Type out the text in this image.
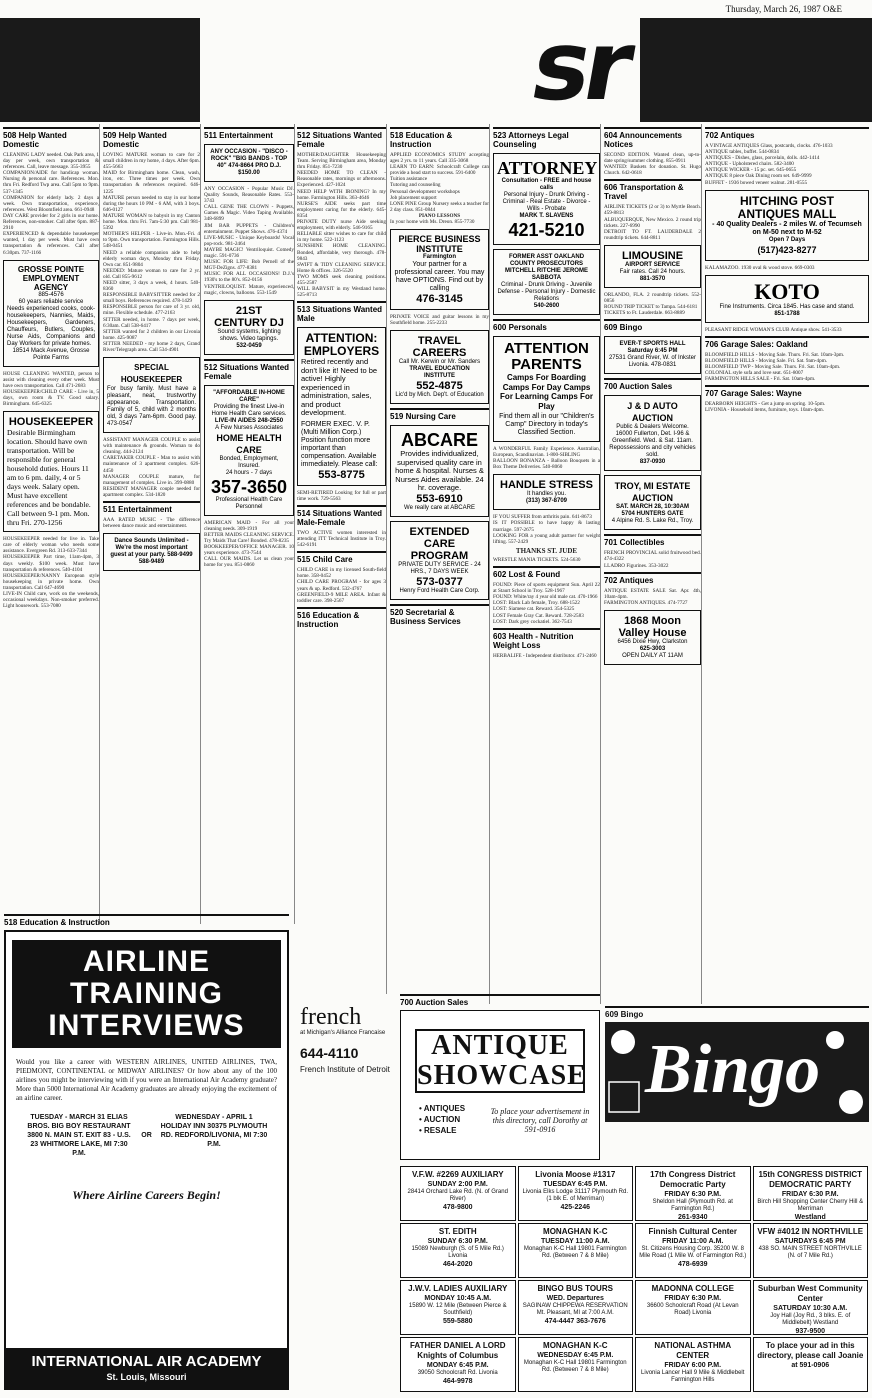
Thursday, March 26, 1987 O&E
sr
508 Help Wanted Domestic

CLEANING LADY needed. Oak Park area, 1 day per week, own transportation & references. Call, leave message. 355-3955

COMPANION/AIDE for handicap woman. Nursing & personal care. References. Mon. thru Fri. Redford Twp area. Call 5pm to 9pm. 537-1345

COMPANION for elderly lady. 2 days a week. Own transportation, experience, references. West Bloomfield area. 661-0948

DAY CARE provider for 2 girls in our home. References, non-smoker. Call after 6pm. 887-2910

EXPERIENCED & dependable housekeeper wanted, 1 day per week. Must have own transportation & references. Call after 6:30pm. 737-1166

GROSSE POINTE EMPLOYMENT AGENCY
885-4576
60 years reliable service
Needs experienced cooks, cook-housekeepers, Nannies, Maids, Housekeepers, Gardeners, Chauffeurs, Butlers, Couples, Nurse Aids, Companions and Day Workers for private homes.
18514 Mack Avenue, Grosse Pointe Farms

HOUSE CLEANING WANTED, person to assist with cleaning every other week. Must have own transportation. Call 471-2683

HOUSEKEEPER/CHILD CARE - Live in, 5 days, own room & TV. Good salary. Birmingham. 645-6325

HOUSEKEEPER
Desirable Birmingham location. Should have own transportation. Will be responsible for general household duties. Hours 11 am to 6 pm. daily, 4 or 5 days week. Salary open. Must have excellent references and be bondable. Call between 9-1 pm. Mon. thru Fri. 270-1256

HOUSEKEEPER needed for live in. Take care of elderly woman who needs some assistance. Evergreen Rd. 313-633-7344

HOUSEKEEPER Part time, 11am-4pm, 3 days weekly. $100 week. Must have transportation & references. 540-4104

HOUSEKEEPER/NANNY European style housekeeping in private home. Own transportation. Call 647-4690

LIVE-IN Child care, work on the weekends, occasional weekdays. Non-smoker preferred. Light housework. 553-7080

509 Help Wanted Domestic

LOVING MATURE woman to care for 2 small children in my home, 4 days. After 6pm. 455-5663

MAID for Birmingham home. Clean, wash, iron, etc. Three times per week. Own transportation & references required. 646-1225

MATURE person needed to stay in our home during the hours 10 PM - 6 AM, with 3 boys. 646-0127

MATURE WOMAN to babysit in my Canton home. Mon. thru Fri. 7am-5:30 pm. Call 981-5392

MOTHER'S HELPER - Live-in. Mon.-Fri. 4 to 9pm. Own transportation. Farmington Hills. 548-0451

NEED a reliable companion aide to help elderly woman days, Monday thru Friday. Own car. 851-9804

NEEDED: Mature woman to care for 2 yr. old. Call 855-9612

NEED sitter, 3 days a week, 4 hours. 540-8360

RESPONSIBLE BABYSITTER needed for 2 small boys. References required. 478-1429

RESPONSIBLE person for care of 3 yr. old, mine. Flexible schedule. 477-2163

SITTER needed, in home. 7 days per week, 6:30am. Call 538-6417

SITTER wanted for 2 children in our Livonia home. 425-9087

SITTER NEEDED - my home 2 days, Grand River/Telegraph area. Call 534-4901

SPECIAL HOUSEKEEPER
For busy family. Must have a pleasant, neat, trustworthy appearance. Transportation. Family of 5, child with 2 months old, 3 days 7am-6pm. Good pay. 473-0547

ASSISTANT MANAGER COUPLE to assist with maintenance & grounds. Woman to do cleaning. 444-2124

CARETAKER COUPLE - Man to assist with maintenance of 3 apartment complex. 626-4450

MANAGER COUPLE mature, for management of complex. Live in. 399-0880

RESIDENT MANAGER couple needed for apartment complex. 534-1820

511 Entertainment

AAA RATED MUSIC - The difference between dance music and entertainment.

Dance Sounds Unlimited - We're the most important guest at your party. 588-9499 588-9489
511 Entertainment
ANY OCCASION - "DISCO - ROCK" "BIG BANDS - TOP 40" 474-8664 PRO D.J. $150.00

ANY OCCASION - Popular Music DJ. Quality Sounds, Reasonable Rates. 553-3743

CALL GENE THE CLOWN - Puppets, Games & Magic. Video Taping Available. 348-6899

JIM BAR PUPPETS - Children's entertainment. Puppet Shows. 476-4374

LIVE-MUSIC - Unique Keyboards! Vocal pop-rock. 981-2464

MAYBE MAGIC! Ventriloquist. Comedy magic. 591-0736

MUSIC FOR LIFE: Bob Pernell of the MGT-DeZigns. 477-8381

MUSIC FOR ALL OCCASIONS! D.J.'s 1930's to the 80's. 852-0156

VENTRILOQUIST. Mature, experienced, magic, clowns, balloons. 553-1549

21ST CENTURY DJ
Sound systems, lighting shows. Video tapings.
532-0459
512 Situations Wanted Female
"AFFORDABLE IN-HOME CARE"
Providing the finest Live-in Home Health Care services.
LIVE-IN AIDES 248-2550
A Few Nurses Associates
HOME HEALTH CARE
Bonded, Employment, Insured.
24 hours - 7 days
357-3650
Professional Health Care Personnel

AMERICAN MAID - For all your cleaning needs. 309-1919

BETTER MAIDS CLEANING SERVICE. Try Maids That Care! Bonded. 478-8235

BOOKKEEPER/OFFICE MANAGER. 10 years experience. 473-7544

CALL OUR MAIDS. Let us clean your home for you. 851-0860

512 Situations Wanted Female

MOTHER/DAUGHTER Housekeeping Team. Serving Birmingham area, Monday thru Friday. 851-7230

NEEDED HOME TO CLEAN - Reasonable rates, mornings or afternoons. Experienced. 427-1024

NEED HELP WITH IRONING? In my home. Farmington Hills. 363-4646

NURSE'S AIDE seeks part time employment caring for the elderly. 645-8354

PRIVATE DUTY nurse Aide seeking employment, with elderly. 546-9165

RELIABLE sitter wishes to care for child in my home. 522-1123

SUNSHINE HOME CLEANING. Bonded, affordable, very thorough. 478-9843

SWIFT & TIDY CLEANING SERVICE. Home & offices. 326-5520

TWO MOMS seek cleaning positions. 455-2587

WILL BABYSIT in my Westland home. 525-8713

513 Situations Wanted Male
ATTENTION: EMPLOYERS
Retired recently and don't like it! Need to be active! Highly experienced in administration, sales, and product development.
FORMER EXEC. V. P. (Multi Million Corp.) Position function more important than compensation. Available immediately. Please call:
553-8775

SEMI-RETIRED Looking for full or part time work. 729-5563

514 Situations Wanted Male-Female

TWO ACTIVE women interested in attending ITT Technical Institute in Troy. 542-6191

515 Child Care

CHILD CARE in my licensed South-field home. 358-0452

CHILD CARE PROGRAM - for ages 3 years & up. Redford. 532-4767

GREENFIELD-9 MILE AREA. Infant & toddler care. 398-2567

516 Education & Instruction
518 Education & Instruction

APPLIED ECONOMICS STUDY accepting ages 2 yrs. to 11 years. Call 335-3068

LEARN TO EARN: Schoolcraft College can provide a head start to success. 591-6400

Tuition assistance

Tutoring and counseling

Personal development workshops

Job placement support

LONE PINE Group Nursery seeks a teacher for 2 day class. 851-0844

PIANO LESSONS

In your home with Ms. Dreon. 855-7730

PIERCE BUSINESS INSTITUTE
Farmington
Your partner for a professional career. You may have OPTIONS. Find out by calling
476-3145

PRIVATE VOICE and guitar lessons in my Southfield home. 255-2233

TRAVEL CAREERS
Call Mr. Kerwin or Mr. Sanders
TRAVEL EDUCATION INSTITUTE
552-4875
Lic'd by Mich. Dep't. of Education
519 Nursing Care
ABCARE
Provides individualized, supervised quality care in home & hospital. Nurses & Nurses Aides available. 24 hr. coverage.
553-6910
We really care at ABCARE
EXTENDED CARE PROGRAM
PRIVATE DUTY SERVICE - 24 HRS., 7 DAYS WEEK
573-0377
Henry Ford Health Care Corp.
520 Secretarial & Business Services
523 Attorneys Legal Counseling
ATTORNEY
Consultation - FREE and house calls
Personal Injury - Drunk Driving - Criminal - Real Estate - Divorce - Wills - Probate
MARK T. SLAVENS
421-5210
FORMER ASST OAKLAND COUNTY PROSECUTORS
MITCHELL RITCHIE JEROME SABBOTA
Criminal - Drunk Driving - Juvenile Defense - Personal Injury - Domestic Relations
540-2600
600 Personals
ATTENTION PARENTS
Camps For Boarding Camps For Day Camps For Learning Camps For Play
Find them all in our "Children's Camp" Directory in today's Classified Section.

A WONDERFUL Family Experience. Australian, European, Scandinavian. 1-800-SIBLING

BALLOON BONANZA - Balloon Bouquets in a Box Theme Deliveries. 540-8060

HANDLE STRESS
It handles you.
(313) 367-8709

IF YOU SUFFER from arthritis pain. 641-8673

IS IT POSSIBLE to have happy & lasting marriage. 597-2675

LOOKING FOR a young adult partner for weight lifting. 557-2429

THANKS ST. JUDE

WRESTLE MANIA TICKETS. 524-5630

602 Lost & Found

FOUND: Piece of sports equipment Sun. April 22 at Staurt School in Troy. 528-1967

FOUND: White/ray 4 year old male cat. 470-1966

LOST: Black Lab female, Troy. 688-1522

LOST: Siamese cat. Reward. 354-5325

LOST Female Gray Cat. Reward. 728-2583

LOST: Dark grey cockatiel. 362-7543

603 Health - Nutrition Weight Loss

HERBALIFE - Independent distributor. 471-2460

604 Announcements Notices

SECOND EDITION. Wanted clean, up-to-date spring/summer clothing. 855-0911

WANTED: Baskets for donation. St. Hugo Church. 642-0618

606 Transportation & Travel

AIRLINE TICKETS (2 or 3) to Myrtle Beach. 459-8813

ALBUQUERQUE, New Mexico. 2 round trip tickets. 227-6990

DETROIT TO FT. LAUDERDALE 2 roundtrip tickets. 644-8811

LIMOUSINE
AIRPORT SERVICE
Fair rates. Call 24 hours.
881-3570

ORLANDO, FLA. 2 roundtrip tickets. 552-0856

ROUND TRIP TICKET to Tampa. 544-6181

TICKETS to Ft. Lauderdale. 663-8889

609 Bingo
EVER-T SPORTS HALL Saturday 6:45 PM
27531 Grand River, W. of Inkster Livonia. 478-0831
700 Auction Sales
J & D AUTO AUCTION
Public & Dealers Welcome. 16000 Fullerton, Det. I-96 & Greenfield. Wed. & Sat. 11am. Repossessions and city vehicles sold.
837-0930
TROY, MI ESTATE AUCTION
SAT. MARCH 28, 10:30AM
5704 HUNTERS GATE
4 Alpine Rd. S. Lake Rd., Troy.
701 Collectibles

FRENCH PROVINCIAL solid fruitwood bed. 474-4322

LLADRO Figurines. 353-3022

702 Antiques

ANTIQUE ESTATE SALE Sat. Apr. 4th, 10am-4pm.

FARMINGTON ANTIQUES. 474-7727

1868 Moon Valley House
6456 Dixie Hwy, Clarkston
625-3003
OPEN DAILY AT 11AM
702 Antiques

A VINTAGE ANTIQUES Glass, postcards, clocks. 476-1033

ANTIQUE tables, buffet. 544-0834

ANTIQUES - Dishes, glass, porcelain, dolls. 442-1414

ANTIQUE - Upholstered chairs. 582-3400

ANTIQUE WICKER - 15 pc. set. 645-0655

ANTIQUE 8 piece Oak Dining room set. 649-9999

BUFFET - 1936 bowed veneer walnut. 281-0555

HITCHING POST ANTIQUES MALL
- 40 Quality Dealers - 2 miles W. of Tecumseh on M-50 next to M-52
Open 7 Days
(517)423-8277

KALAMAZOO. 1930 oval & wood stove. 669-0303

KOTO
Fine Instruments. Circa 1845. Has case and stand.
851-1788

PLEASANT RIDGE WOMAN'S CLUB Antique show. 541-3533

706 Garage Sales: Oakland

BLOOMFIELD HILLS - Moving Sale. Thurs. Fri. Sat. 10am-3pm.

BLOOMFIELD HILLS - Moving Sale. Fri. Sat. 9am-4pm.

BLOOMFIELD TWP - Moving Sale. Thurs. Fri. Sat. 10am-4pm.

COLONIAL style sofa and love seat. 651-8007

FARMINGTON HILLS SALE - Fri. Sat. 10am-4pm.

707 Garage Sales: Wayne

DEARBORN HEIGHTS - Get a jump on spring. 10-5pm.

LIVONIA - Household items, furniture, toys. 10am-4pm.

518 Education & Instruction
AIRLINE
TRAINING
INTERVIEWS
Would you like a career with WESTERN AIRLINES, UNITED AIRLINES, TWA, PIEDMONT, CONTINENTAL or MIDWAY AIRLINES? Or how about any of the 100 airlines you might be interviewing with if you were an International Air Academy graduate? More than 5000 International Air Academy graduates are already enjoying the excitement of an airline career.
TUESDAY - MARCH 31 ELIAS BROS. BIG BOY RESTAURANT 3800 N. MAIN ST. EXIT 83 - U.S. 23 WHITMORE LAKE, MI 7:30 P.M.
OR
WEDNESDAY - APRIL 1 HOLIDAY INN 30375 PLYMOUTH RD. REDFORD/LIVONIA, MI 7:30 P.M.
Where Airline Careers Begin!
INTERNATIONAL AIR ACADEMY
St. Louis, Missouri
french
at Michigan's Alliance Francaise
644-4110
French Institute of Detroit
700 Auction Sales
ANTIQUE SHOWCASE
• ANTIQUES
• AUCTION
• RESALE
To place your advertisement in this directory, call Dorothy at 591-0916
609 Bingo
Bingo
V.F.W. #2269 AUXILIARY
SUNDAY 2:00 P.M.
28414 Orchard Lake Rd. (N. of Grand River)
478-9800
Livonia Moose #1317
TUESDAY 6:45 P.M.
Livonia Elks Lodge 31117 Plymouth Rd. (1 blk E. of Merriman)
425-2246
17th Congress District Democratic Party
FRIDAY 6:30 P.M.
Sheldon Hall (Plymouth Rd. at Farmington Rd.)
261-9340
15th CONGRESS DISTRICT DEMOCRATIC PARTY
FRIDAY 6:30 P.M.
Birch Hill Shopping Center Cherry Hill & Merriman
Westland
ST. EDITH
SUNDAY 6:30 P.M.
15089 Newburgh (S. of 5 Mile Rd.) Livonia
464-2020
MONAGHAN K-C
TUESDAY 11:00 A.M.
Monaghan K-C Hall 19801 Farmington Rd. (Between 7 & 8 Mile)
Finnish Cultural Center
FRIDAY 11:00 A.M.
St. Citizens Housing Corp. 35200 W. 8 Mile Road (1 Mile W. of Farmington Rd.)
478-6939
VFW #4012 IN NORTHVILLE
SATURDAYS 6:45 PM
438 SO. MAIN STREET NORTHVILLE (N. of 7 Mile Rd.)
J.W.V. LADIES AUXILIARY
MONDAY 10:45 A.M.
15890 W. 12 Mile (Between Pierce & Southfield)
559-5880
BINGO BUS TOURS
WED. Departures
SAGINAW CHIPPEWA RESERVATION Mt. Pleasant, MI at 7:00 A.M.
474-4447 363-7676
MADONNA COLLEGE
FRIDAY 6:30 P.M.
36600 Schoolcraft Road (At Levan Road) Livonia
Suburban West Community Center
SATURDAY 10:30 A.M.
Joy Hall (Joy Rd., 3 blks. E. of Middlebelt) Westland
937-9500
FATHER DANIEL A LORD Knights of Columbus
MONDAY 6:45 P.M.
39050 Schoolcraft Rd. Livonia
464-9978
MONAGHAN K-C
WEDNESDAY 6:45 P.M.
Monaghan K-C Hall 19801 Farmington Rd. (Between 7 & 8 Mile)
NATIONAL ASTHMA CENTER
FRIDAY 6:00 P.M.
Livonia Lancer Hall 9 Mile & Middlebelt Farmington Hills
To place your ad in this directory, please call Joanie
at 591-0906
